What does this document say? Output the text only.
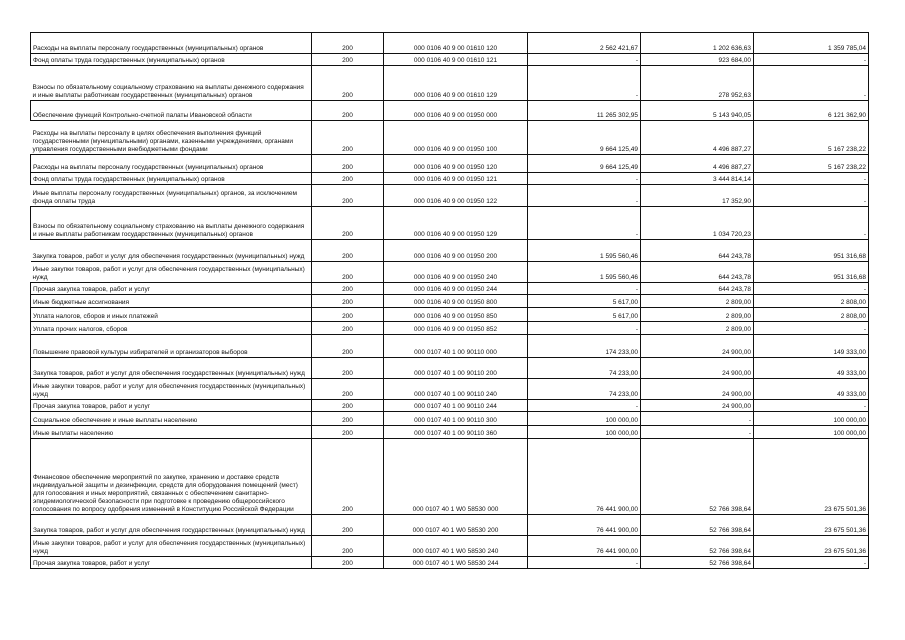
Расходы на выплаты персоналу государственных (муниципальных) органов	200	000 0106 40 9 00 01610 120	2 562 421,67	1 202 636,63	1 359 785,04
Фонд оплаты труда государственных (муниципальных) органов	200	000 0106 40 9 00 01610 121	-	923 684,00	-
Взносы по обязательному социальному страхованию на выплаты денежного содержания и иные выплаты работникам государственных (муниципальных) органов	200	000 0106 40 9 00 01610 129	-	278 952,63	-
Обеспечение функций Контрольно-счетной палаты Ивановской области	200	000 0106 40 9 00 01950 000	11 265 302,95	5 143 940,05	6 121 362,90
Расходы на выплаты персоналу в целях обеспечения выполнения функций государственными (муниципальными) органами, казенными учреждениями, органами управления государственными внебюджетными фондами	200	000 0106 40 9 00 01950 100	9 664 125,49	4 496 887,27	5 167 238,22
Расходы на выплаты персоналу государственных (муниципальных) органов	200	000 0106 40 9 00 01950 120	9 664 125,49	4 496 887,27	5 167 238,22
Фонд оплаты труда государственных (муниципальных) органов	200	000 0106 40 9 00 01950 121	-	3 444 814,14	-
Иные выплаты персоналу государственных (муниципальных) органов, за исключением фонда оплаты труда	200	000 0106 40 9 00 01950 122	-	17 352,90	-
Взносы по обязательному социальному страхованию на выплаты денежного содержания и иные выплаты работникам государственных (муниципальных) органов	200	000 0106 40 9 00 01950 129	-	1 034 720,23	-
Закупка товаров, работ и услуг для обеспечения государственных (муниципальных) нужд	200	000 0106 40 9 00 01950 200	1 595 560,46	644 243,78	951 316,68
Иные закупки товаров, работ и услуг для обеспечения государственных (муниципальных) нужд	200	000 0106 40 9 00 01950 240	1 595 560,46	644 243,78	951 316,68
Прочая закупка товаров, работ и услуг	200	000 0106 40 9 00 01950 244	-	644 243,78	-
Иные бюджетные ассигнования	200	000 0106 40 9 00 01950 800	5 617,00	2 809,00	2 808,00
Уплата налогов, сборов и иных платежей	200	000 0106 40 9 00 01950 850	5 617,00	2 809,00	2 808,00
Уплата прочих налогов, сборов	200	000 0106 40 9 00 01950 852	-	2 809,00	-
Повышение правовой культуры избирателей и организаторов выборов	200	000 0107 40 1 00 90110 000	174 233,00	24 900,00	149 333,00
Закупка товаров, работ и услуг для обеспечения государственных (муниципальных) нужд	200	000 0107 40 1 00 90110 200	74 233,00	24 900,00	49 333,00
Иные закупки товаров, работ и услуг для обеспечения государственных (муниципальных) нужд	200	000 0107 40 1 00 90110 240	74 233,00	24 900,00	49 333,00
Прочая закупка товаров, работ и услуг	200	000 0107 40 1 00 90110 244	-	24 900,00	-
Социальное обеспечение и иные выплаты населению	200	000 0107 40 1 00 90110 300	100 000,00	-	100 000,00
Иные выплаты населению	200	000 0107 40 1 00 90110 360	100 000,00	-	100 000,00
Финансовое обеспечение мероприятий по закупке, хранению и доставке средств индивидуальной защиты и дезинфекции, средств для оборудования помещений (мест) для голосования и иных мероприятий, связанных с обеспечением санитарно-эпидемиологической безопасности при подготовке к проведению общероссийского голосования по вопросу одобрения изменений в Конституцию Российской Федерации	200	000 0107 40 1 W0 58530 000	76 441 900,00	52 766 398,64	23 675 501,36
Закупка товаров, работ и услуг для обеспечения государственных (муниципальных) нужд	200	000 0107 40 1 W0 58530 200	76 441 900,00	52 766 398,64	23 675 501,36
Иные закупки товаров, работ и услуг для обеспечения государственных (муниципальных) нужд	200	000 0107 40 1 W0 58530 240	76 441 900,00	52 766 398,64	23 675 501,36
Прочая закупка товаров, работ и услуг	200	000 0107 40 1 W0 58530 244	-	52 766 398,64	-
